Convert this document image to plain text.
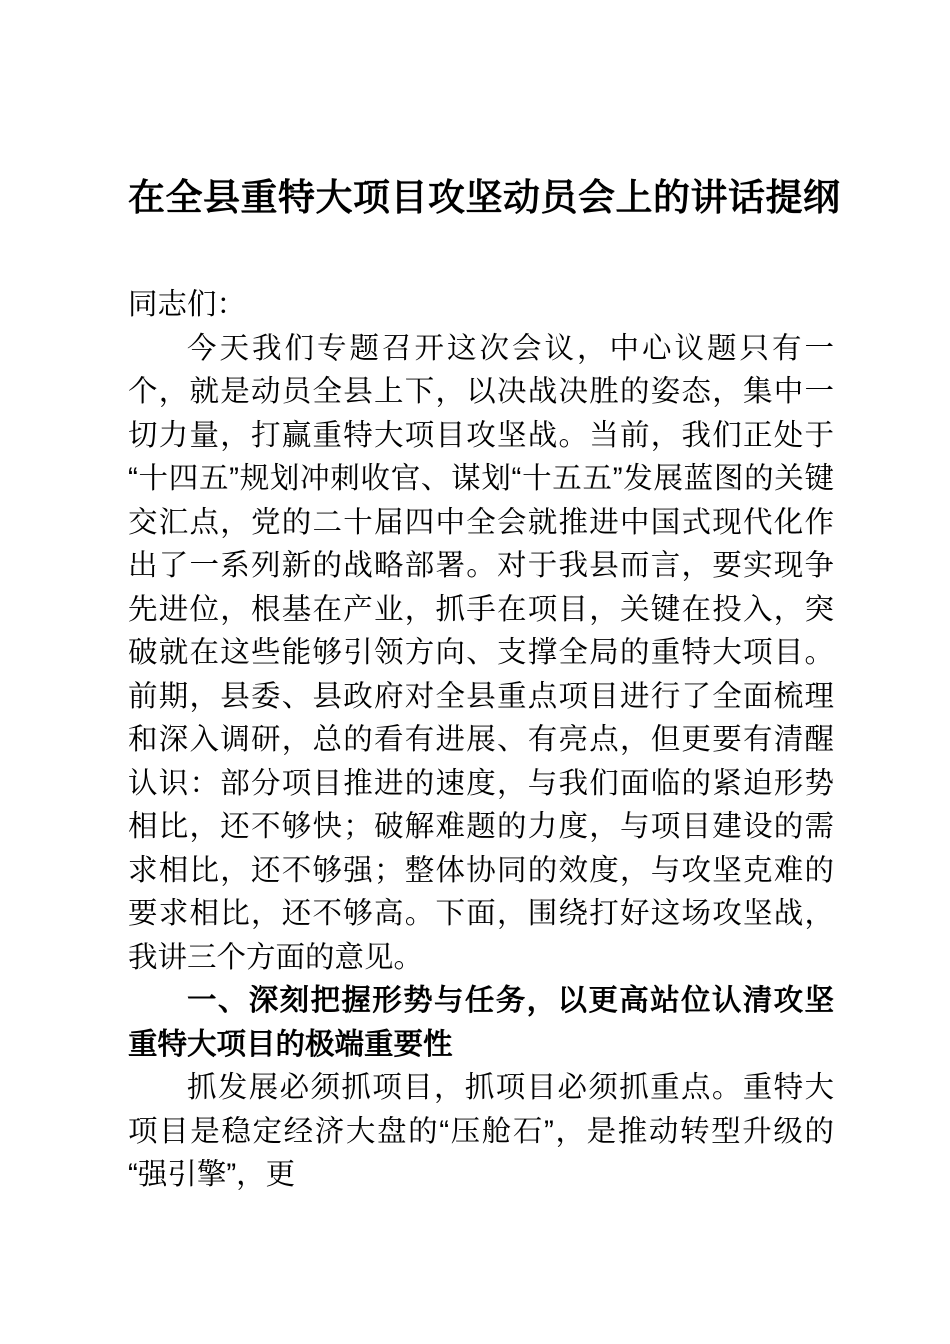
在全县重特大项目攻坚动员会上的讲话提纲

同志们：

今天我们专题召开这次会议，中心议题只有一个，就是动员全县上下，以决战决胜的姿态，集中一切力量，打赢重特大项目攻坚战。当前，我们正处于“十四五”规划冲刺收官、谋划“十五五”发展蓝图的关键交汇点，党的二十届四中全会就推进中国式现代化作出了一系列新的战略部署。对于我县而言，要实现争先进位，根基在产业，抓手在项目，关键在投入，突破就在这些能够引领方向、支撑全局的重特大项目。前期，县委、县政府对全县重点项目进行了全面梳理和深入调研，总的看有进展、有亮点，但更要有清醒认识：部分项目推进的速度，与我们面临的紧迫形势相比，还不够快；破解难题的力度，与项目建设的需求相比，还不够强；整体协同的效度，与攻坚克难的要求相比，还不够高。下面，围绕打好这场攻坚战，我讲三个方面的意见。

一、深刻把握形势与任务，以更高站位认清攻坚重特大项目的极端重要性

抓发展必须抓项目，抓项目必须抓重点。重特大项目是稳定经济大盘的“压舱石”，是推动转型升级的“强引擎”，更
